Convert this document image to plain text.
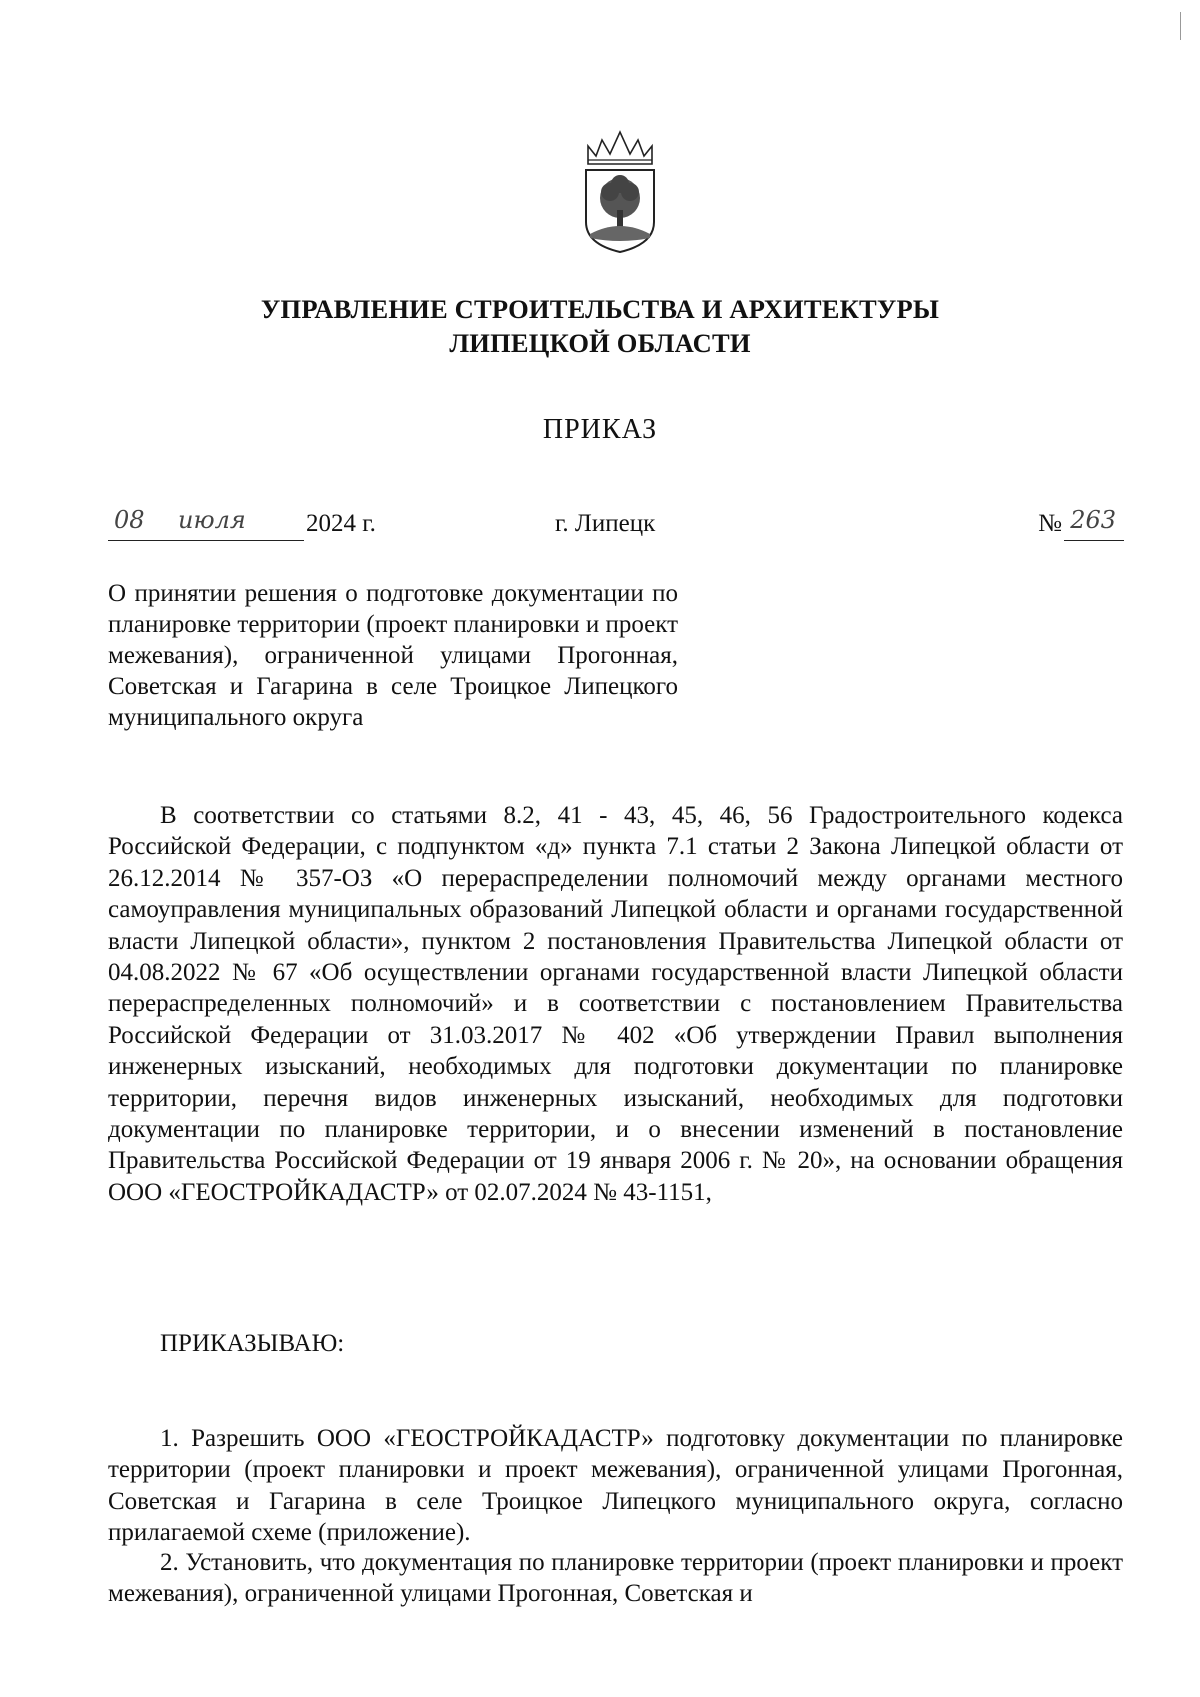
УПРАВЛЕНИЕ СТРОИТЕЛЬСТВА И АРХИТЕКТУРЫ
ЛИПЕЦКОЙ ОБЛАСТИ
ПРИКАЗ
08 июля 2024 г.	г. Липецк	№ 263
О принятии решения о подготовке документации по планировке территории (проект планировки и проект межевания), ограниченной улицами Прогонная, Советская и Гагарина в селе Троицкое Липецкого муниципального округа
В соответствии со статьями 8.2, 41 - 43, 45, 46, 56 Градостроительного кодекса Российской Федерации, с подпунктом «д» пункта 7.1 статьи 2 Закона Липецкой области от 26.12.2014 № 357-ОЗ «О перераспределении полномочий между органами местного самоуправления муниципальных образований Липецкой области и органами государственной власти Липецкой области», пунктом 2 постановления Правительства Липецкой области от 04.08.2022 № 67 «Об осуществлении органами государственной власти Липецкой области перераспределенных полномочий» и в соответствии с постановлением Правительства Российской Федерации от 31.03.2017 № 402 «Об утверждении Правил выполнения инженерных изысканий, необходимых для подготовки документации по планировке территории, перечня видов инженерных изысканий, необходимых для подготовки документации по планировке территории, и о внесении изменений в постановление Правительства Российской Федерации от 19 января 2006 г. № 20», на основании обращения ООО «ГЕОСТРОЙКАДАСТР» от 02.07.2024 № 43-1151,
ПРИКАЗЫВАЮ:
1. Разрешить ООО «ГЕОСТРОЙКАДАСТР» подготовку документации по планировке территории (проект планировки и проект межевания), ограниченной улицами Прогонная, Советская и Гагарина в селе Троицкое Липецкого муниципального округа, согласно прилагаемой схеме (приложение).
2. Установить, что документация по планировке территории (проект планировки и проект межевания), ограниченной улицами Прогонная, Советская и
